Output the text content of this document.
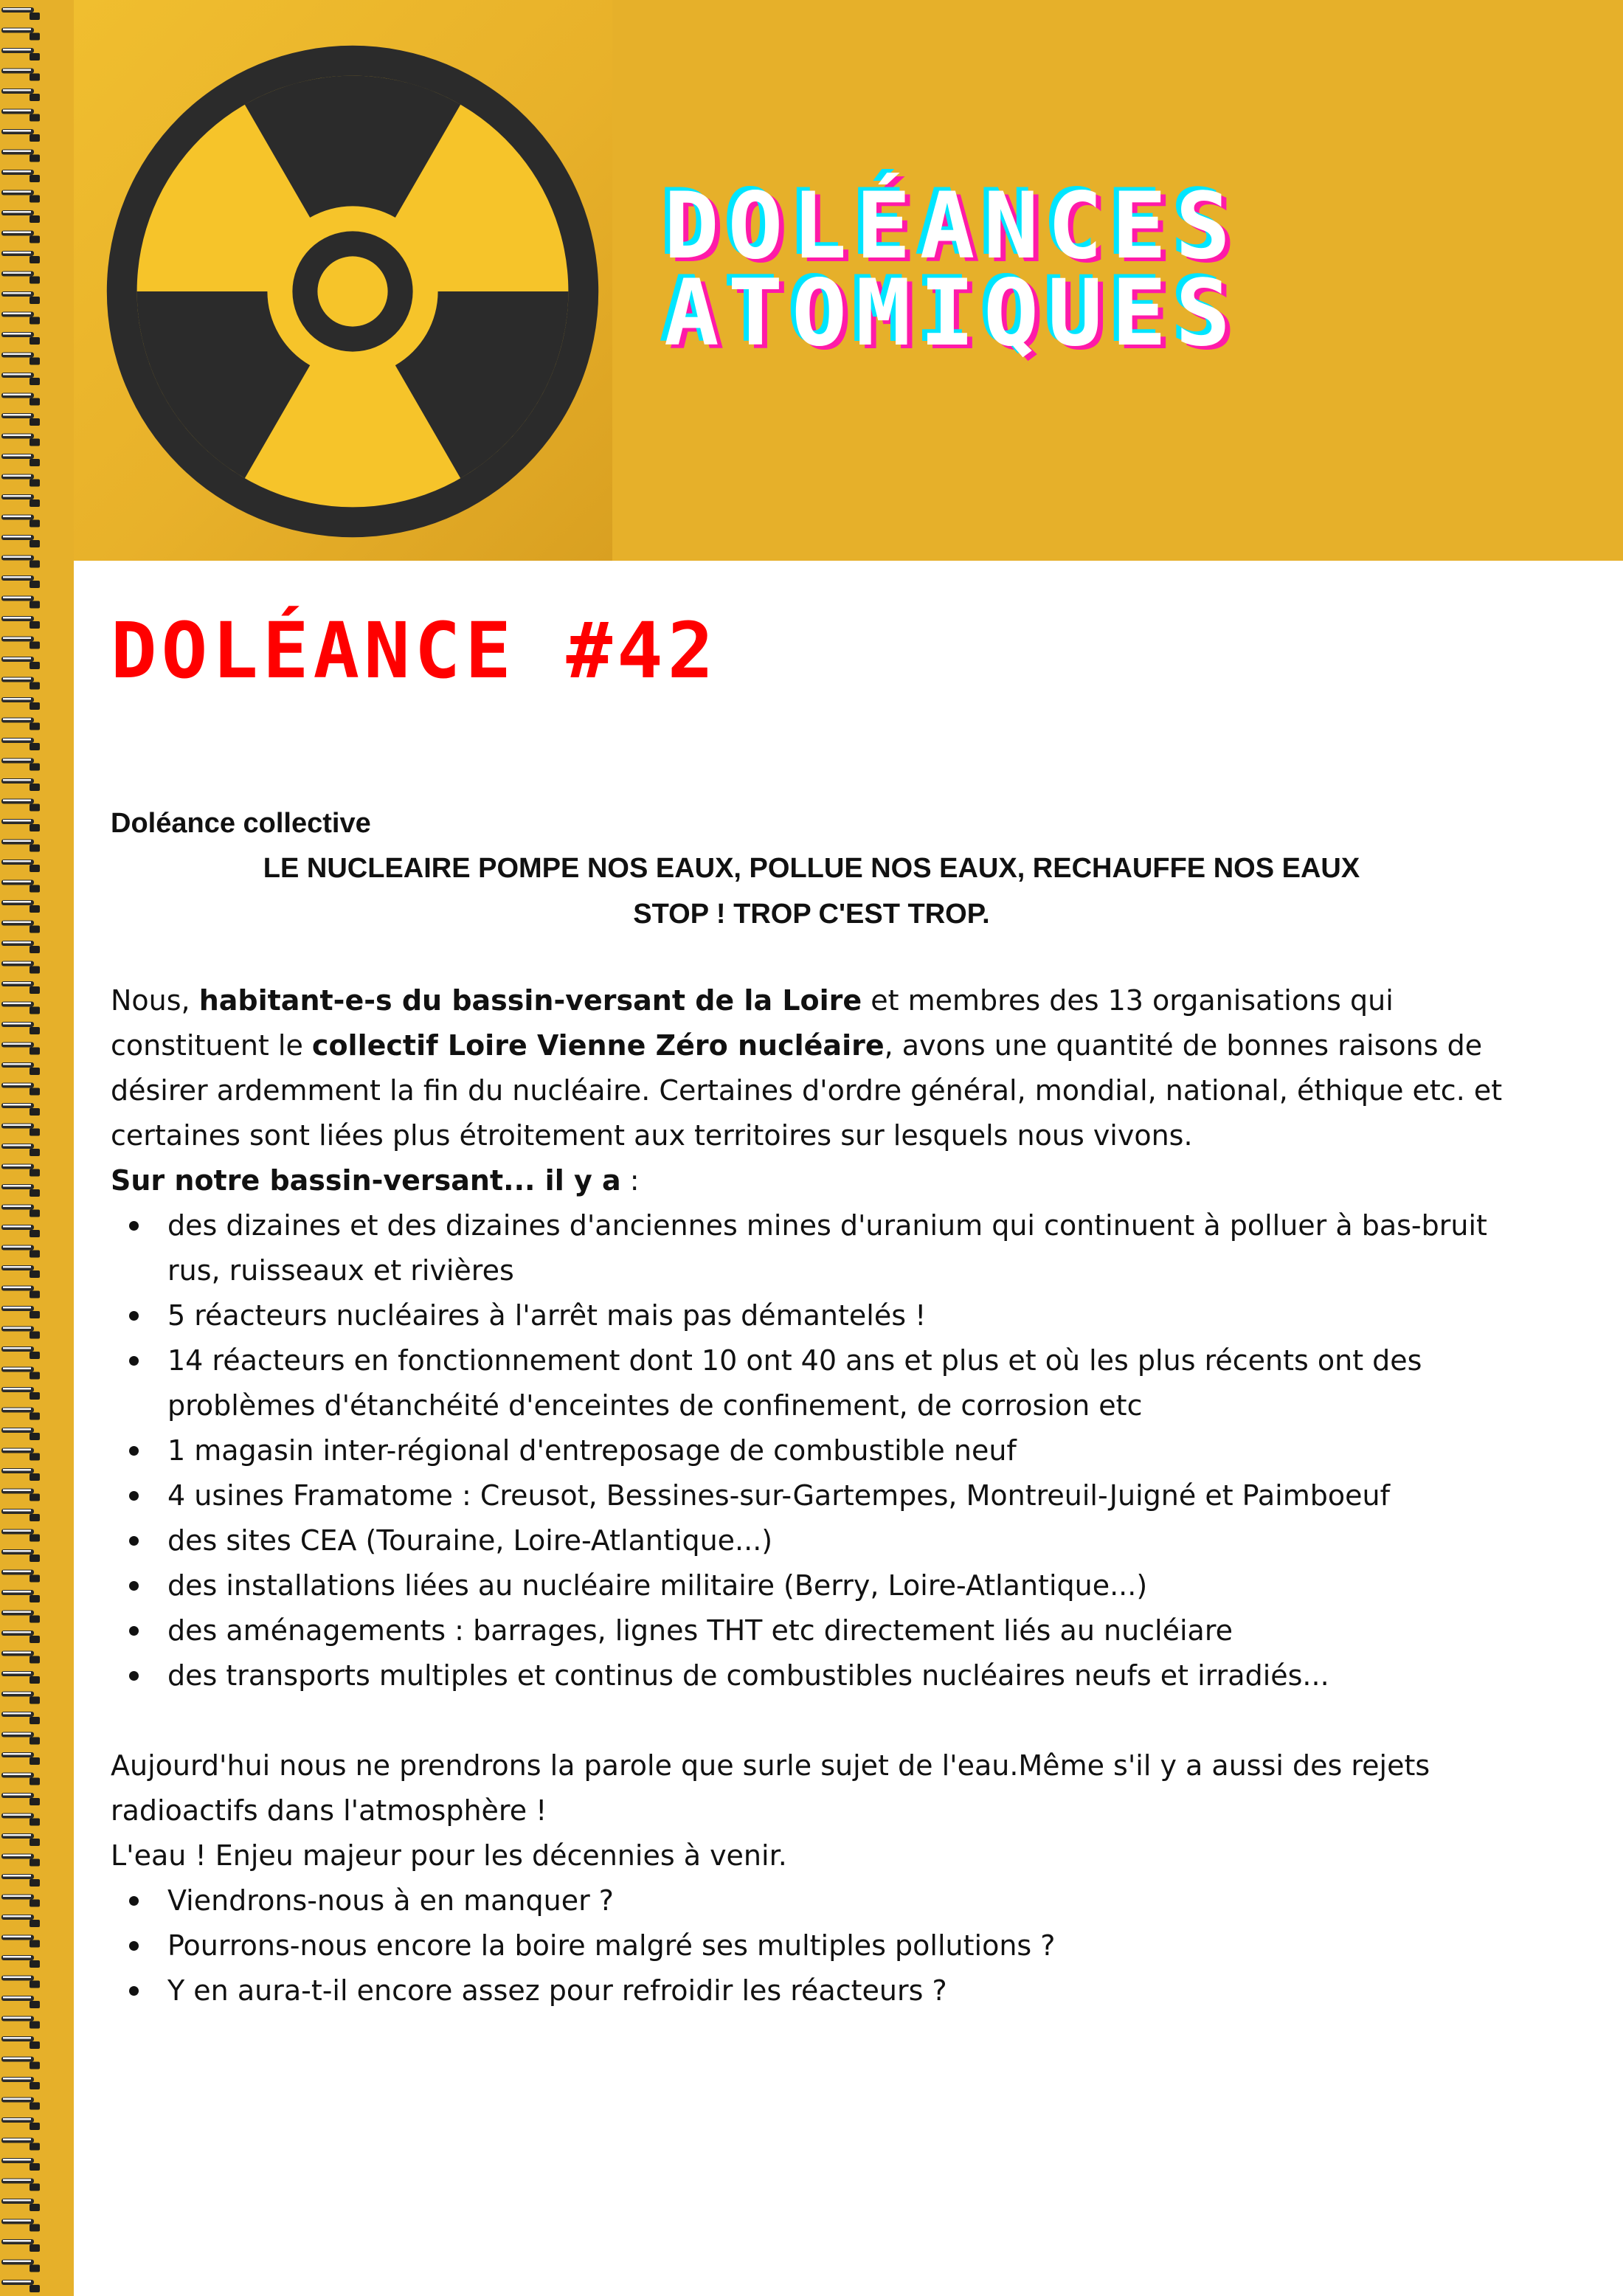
DOLÉANCES
ATOMIQUES
DOLÉANCE #42

Doléance collective

LE NUCLEAIRE POMPE NOS EAUX, POLLUE NOS EAUX, RECHAUFFE NOS EAUX
STOP ! TROP C'EST TROP.

Nous, habitant-e-s du bassin-versant de la Loire et membres des 13 organisations qui constituent le collectif Loire Vienne Zéro nucléaire, avons une quantité de bonnes raisons de désirer ardemment la fin du nucléaire. Certaines d'ordre général, mondial, national, éthique etc. et certaines sont liées plus étroitement aux territoires sur lesquels nous vivons.

Sur notre bassin-versant... il y a :

des dizaines et des dizaines d'anciennes mines d'uranium qui continuent à polluer à bas-bruit rus, ruisseaux et rivières
5 réacteurs nucléaires à l'arrêt mais pas démantelés !
14 réacteurs en fonctionnement dont 10 ont 40 ans et plus et où les plus récents ont des problèmes d'étanchéité d'enceintes de confinement, de corrosion etc
1 magasin inter-régional d'entreposage de combustible neuf
4 usines Framatome : Creusot, Bessines-sur-Gartempes, Montreuil-Juigné et Paimboeuf
des sites CEA (Touraine, Loire-Atlantique...)
des installations liées au nucléaire militaire (Berry, Loire-Atlantique...)
des aménagements : barrages, lignes THT etc directement liés au nucléiare
des transports multiples et continus de combustibles nucléaires neufs et irradiés...

Aujourd'hui nous ne prendrons la parole que surle sujet de l'eau.Même s'il y a aussi des rejets radioactifs dans l'atmosphère !

L'eau ! Enjeu majeur pour les décennies à venir.

Viendrons-nous à en manquer ?
Pourrons-nous encore la boire malgré ses multiples pollutions ?
Y en aura-t-il encore assez pour refroidir les réacteurs ?
